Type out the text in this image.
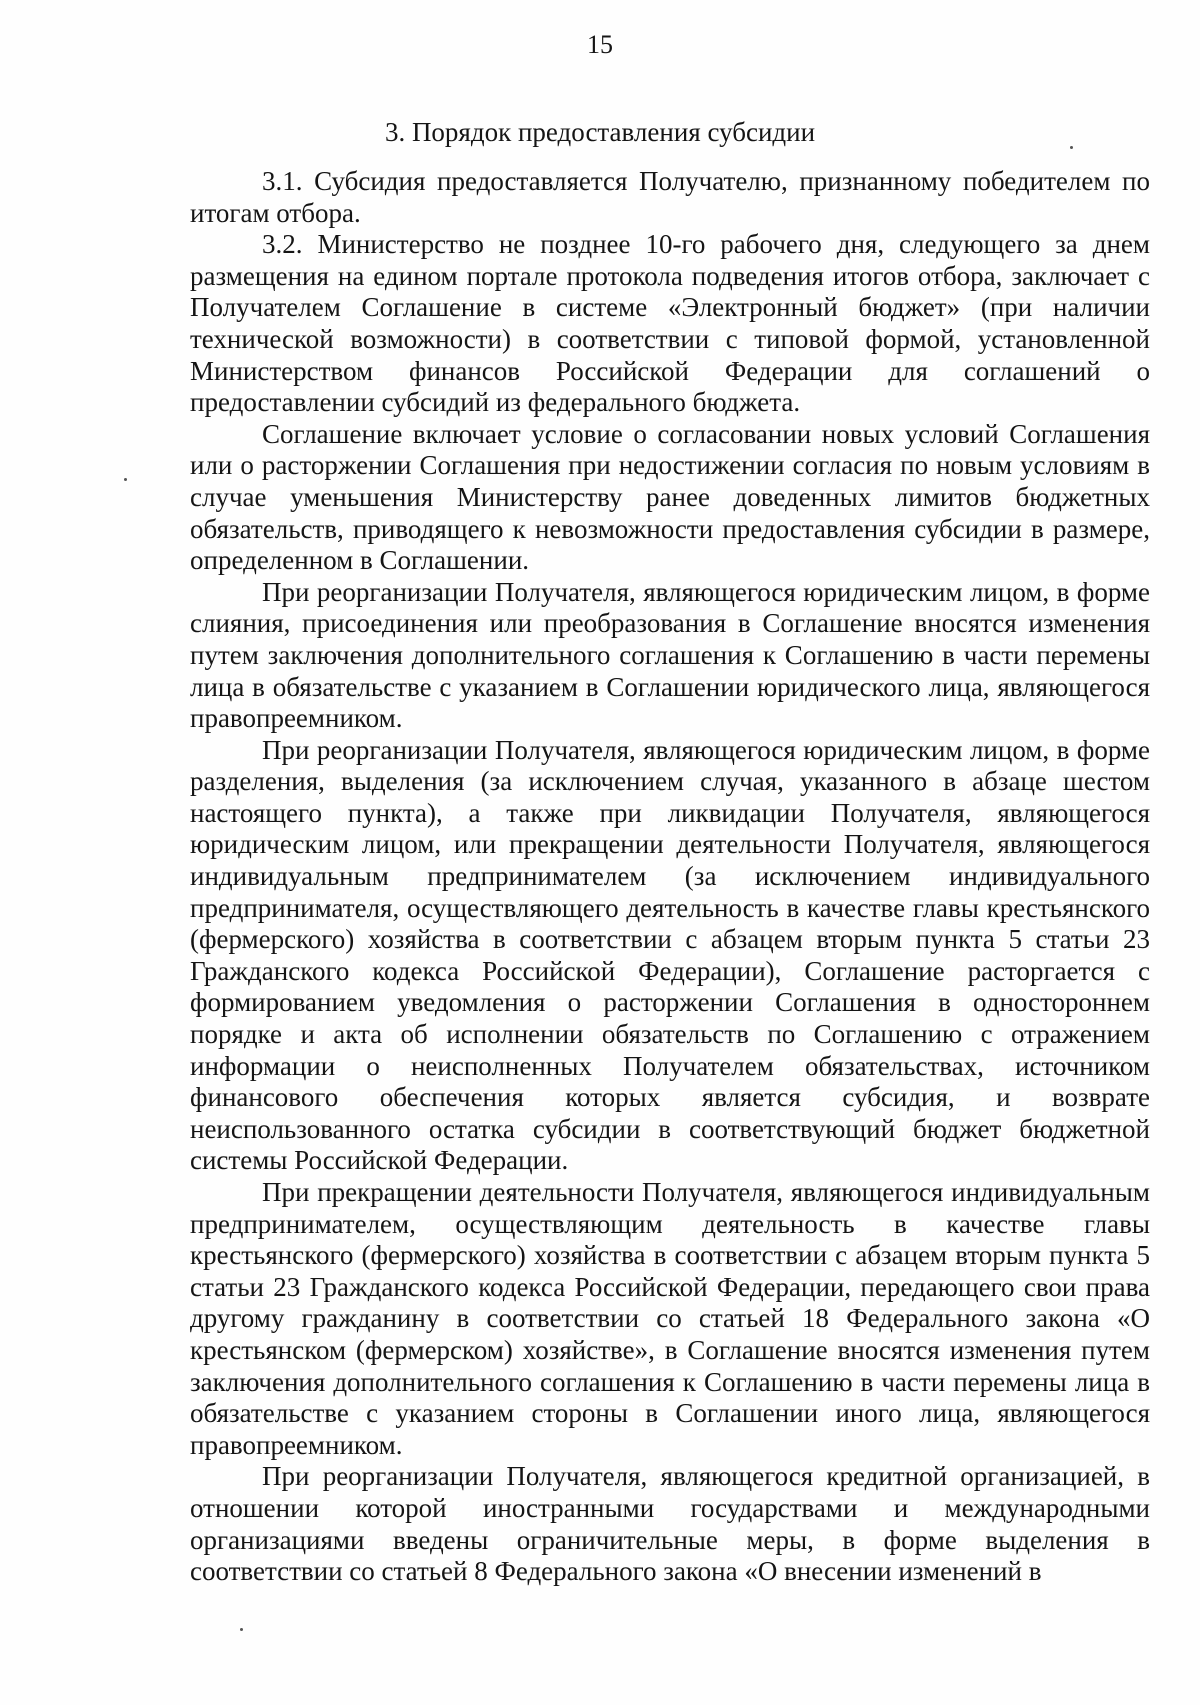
15
3. Порядок предоставления субсидии

3.1. Субсидия предоставляется Получателю, признанному победителем по итогам отбора.

3.2. Министерство не позднее 10-го рабочего дня, следующего за днем размещения на едином портале протокола подведения итогов отбора, заключает с Получателем Соглашение в системе «Электронный бюджет» (при наличии технической возможности) в соответствии с типовой формой, установленной Министерством финансов Российской Федерации для соглашений о предоставлении субсидий из федерального бюджета.

Соглашение включает условие о согласовании новых условий Соглашения или о расторжении Соглашения при недостижении согласия по новым условиям в случае уменьшения Министерству ранее доведенных лимитов бюджетных обязательств, приводящего к невозможности предоставления субсидии в размере, определенном в Соглашении.

При реорганизации Получателя, являющегося юридическим лицом, в форме слияния, присоединения или преобразования в Соглашение вносятся изменения путем заключения дополнительного соглашения к Соглашению в части перемены лица в обязательстве с указанием в Соглашении юридического лица, являющегося правопреемником.

При реорганизации Получателя, являющегося юридическим лицом, в форме разделения, выделения (за исключением случая, указанного в абзаце шестом настоящего пункта), а также при ликвидации Получателя, являющегося юридическим лицом, или прекращении деятельности Получателя, являющегося индивидуальным предпринимателем (за исключением индивидуального предпринимателя, осуществляющего деятельность в качестве главы крестьянского (фермерского) хозяйства в соответствии с абзацем вторым пункта 5 статьи 23 Гражданского кодекса Российской Федерации), Соглашение расторгается с формированием уведомления о расторжении Соглашения в одностороннем порядке и акта об исполнении обязательств по Соглашению с отражением информации о неисполненных Получателем обязательствах, источником финансового обеспечения которых является субсидия, и возврате неиспользованного остатка субсидии в соответствующий бюджет бюджетной системы Российской Федерации.

При прекращении деятельности Получателя, являющегося индивидуальным предпринимателем, осуществляющим деятельность в качестве главы крестьянского (фермерского) хозяйства в соответствии с абзацем вторым пункта 5 статьи 23 Гражданского кодекса Российской Федерации, передающего свои права другому гражданину в соответствии со статьей 18 Федерального закона «О крестьянском (фермерском) хозяйстве», в Соглашение вносятся изменения путем заключения дополнительного соглашения к Соглашению в части перемены лица в обязательстве с указанием стороны в Соглашении иного лица, являющегося правопреемником.

При реорганизации Получателя, являющегося кредитной организацией, в отношении которой иностранными государствами и международными организациями введены ограничительные меры, в форме выделения в соответствии со статьей 8 Федерального закона «О внесении изменений в
